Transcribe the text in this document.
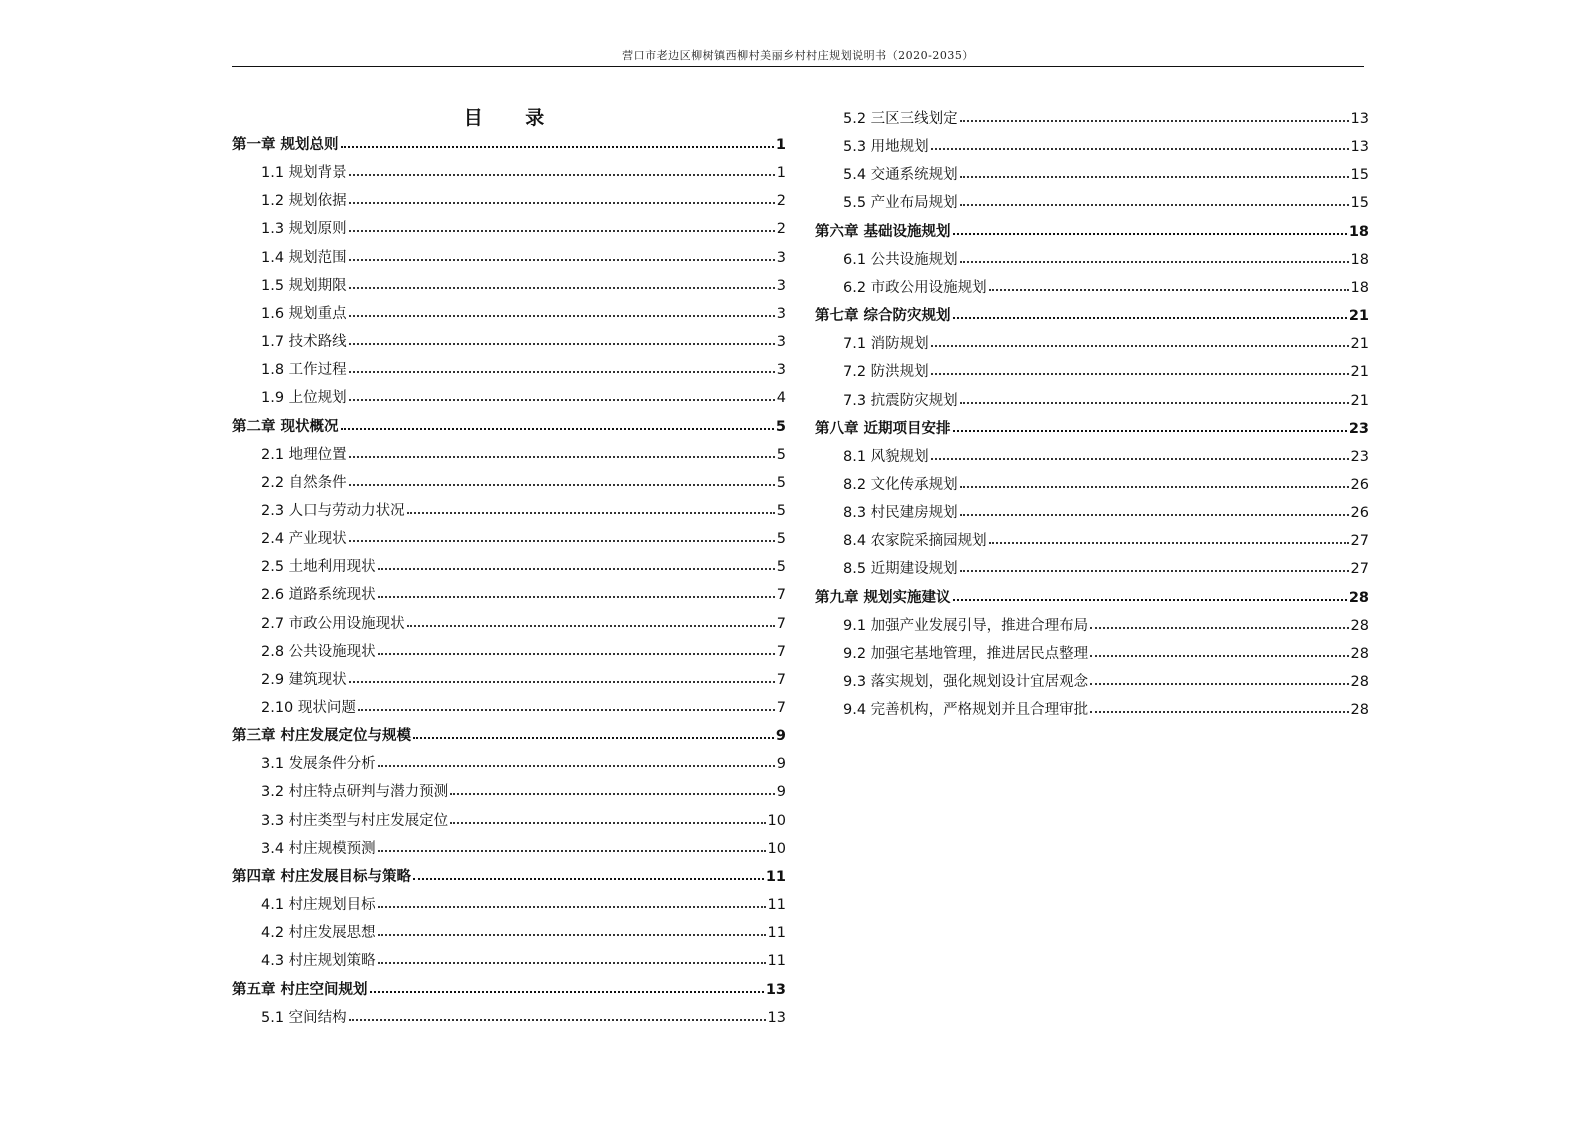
营口市老边区柳树镇西柳村美丽乡村村庄规划说明书（2020-2035）
目 录
第一章 规划总则	1
1.1 规划背景	1
1.2 规划依据	2
1.3 规划原则	2
1.4 规划范围	3
1.5 规划期限	3
1.6 规划重点	3
1.7 技术路线	3
1.8 工作过程	3
1.9 上位规划	4
第二章 现状概况	5
2.1 地理位置	5
2.2 自然条件	5
2.3 人口与劳动力状况	5
2.4 产业现状	5
2.5 土地利用现状	5
2.6 道路系统现状	7
2.7 市政公用设施现状	7
2.8 公共设施现状	7
2.9 建筑现状	7
2.10 现状问题	7
第三章 村庄发展定位与规模	9
3.1 发展条件分析	9
3.2 村庄特点研判与潜力预测	9
3.3 村庄类型与村庄发展定位	10
3.4 村庄规模预测	10
第四章 村庄发展目标与策略	11
4.1 村庄规划目标	11
4.2 村庄发展思想	11
4.3 村庄规划策略	11
第五章 村庄空间规划	13
5.1 空间结构	13
5.2 三区三线划定	13
5.3 用地规划	13
5.4 交通系统规划	15
5.5 产业布局规划	15
第六章 基础设施规划	18
6.1 公共设施规划	18
6.2 市政公用设施规划	18
第七章 综合防灾规划	21
7.1 消防规划	21
7.2 防洪规划	21
7.3 抗震防灾规划	21
第八章 近期项目安排	23
8.1 风貌规划	23
8.2 文化传承规划	26
8.3 村民建房规划	26
8.4 农家院采摘园规划	27
8.5 近期建设规划	27
第九章 规划实施建议	28
9.1 加强产业发展引导，推进合理布局	28
9.2 加强宅基地管理，推进居民点整理	28
9.3 落实规划，强化规划设计宜居观念	28
9.4 完善机构，严格规划并且合理审批	28
